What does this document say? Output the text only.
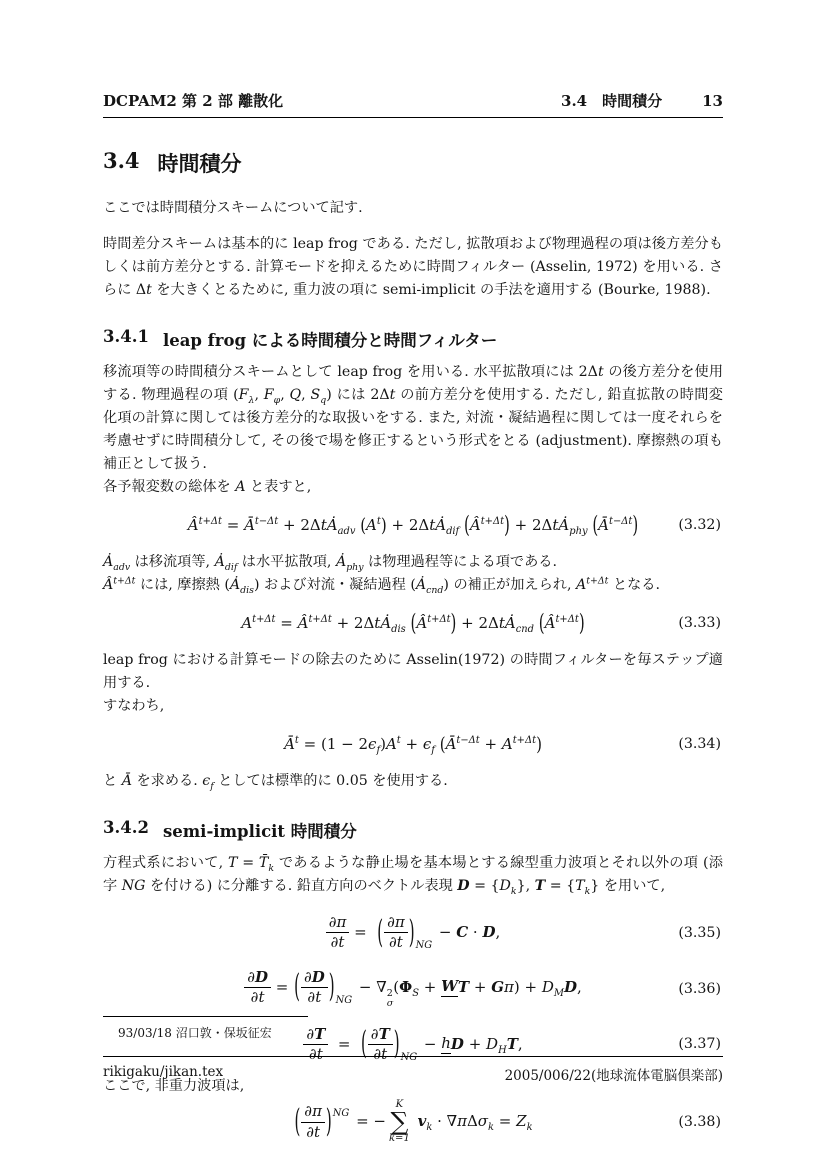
DCPAM2 第 2 部 離散化	3.4　時間積分	13
3.4 時間積分
ここでは時間積分スキームについて記す.
時間差分スキームは基本的に leap frog である. ただし, 拡散項および物理過程の項は後方差分もしくは前方差分とする. 計算モードを抑えるために時間フィルター (Asselin, 1972) を用いる. さらに Δt を大きくとるために, 重力波の項に semi-implicit の手法を適用する (Bourke, 1988).
3.4.1 leap frog による時間積分と時間フィルター
移流項等の時間積分スキームとして leap frog を用いる. 水平拡散項には 2Δt の後方差分を使用する. 物理過程の項 ($F_\lambda$, $F_\varphi$, Q, $S_q$) には 2Δt の前方差分を使用する. ただし, 鉛直拡散の時間変化項の計算に関しては後方差分的な取扱いをする. また, 対流・凝結過程に関しては一度それらを考慮せずに時間積分して, その後で場を修正するという形式をとる (adjustment). 摩擦熱の項も補正として扱う.
各予報変数の総体を A と表すと,
$Â^{t+\Delta t}$ = $Ā^{t-\Delta t}$ + 2ΔtȦ$_{adv}$ $(A^t)$ + 2ΔtȦ$_{dif}$ $(Â^{t+\Delta t})$ + 2ΔtȦ$_{phy}$ $(Ā^{t-\Delta t})$	(3.32)
$Ȧ_{adv}$ は移流項等, $Ȧ_{dif}$ は水平拡散項, $Ȧ_{phy}$ は物理過程等による項である.
$Â^{t+\Delta t}$ には, 摩擦熱 $(Ȧ_{dis})$ および対流・凝結過程 $(Ȧ_{cnd})$ の補正が加えられ, $A^{t+\Delta t}$ となる.
$A^{t+\Delta t}$ = $Â^{t+\Delta t}$ + 2ΔtȦ$_{dis}$ $(Â^{t+\Delta t})$ + 2ΔtȦ$_{cnd}$ $(Â^{t+\Delta t})$	(3.33)
leap frog における計算モードの除去のために Asselin(1972) の時間フィルターを毎ステップ適用する.
すなわち,
$Ā^t = (1 - 2\epsilon_f)A^t + \epsilon_f$ $(Ā^{t-\Delta t} + A^{t+\Delta t})$	(3.34)
と Ā を求める. $\epsilon_f$ としては標準的に 0.05 を使用する.
3.4.2 semi-implicit 時間積分
方程式系において, $T = T̄_k$ であるような静止場を基本場とする線型重力波項とそれ以外の項 (添字 NG を付ける) に分離する. 鉛直方向のベクトル表現 $D = \{D_k\}$, $T = \{T_k\}$ を用いて,
$\frac{\partial\pi}{\partial t}$ =  ( $\frac{\partial\pi}{\partial t} )_{NG} - C \cdot D$,	(3.35)
$\frac{\partial D}{\partial t}$ = ( $\frac{\partial D}{\partial t} )_{NG}$ − ∇ 2
σ
($\Phi_S$ + WT + $G\pi) + D_MD$,	(3.36)
$\frac{\partial T}{\partial t}$ =  ( $\frac{\partial T}{\partial t} )_{NG}$ − hD + $D_HT$,	(3.37)
ここで, 非重力波項は,
( $\frac{\partial\pi}{\partial t} )^{NG}$ = −
K
∑
k=1
$v_k \cdot \nabla\pi\Delta\sigma_k = Z_k$	(3.38)
93/03/18 沼口敦・保坂征宏
rikigaku/jikan.tex	2005/006/22(地球流体電脳倶楽部)
